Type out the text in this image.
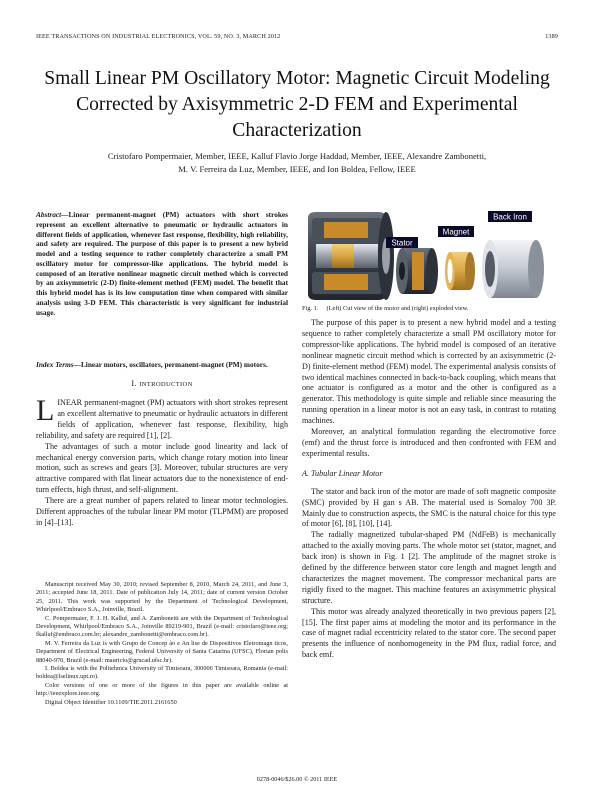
IEEE TRANSACTIONS ON INDUSTRIAL ELECTRONICS, VOL. 59, NO. 3, MARCH 2012	1389
Small Linear PM Oscillatory Motor: Magnetic Circuit Modeling Corrected by Axisymmetric 2-D FEM and Experimental Characterization
Cristofaro Pompermaier, Member, IEEE, Kalluf Flavio Jorge Haddad, Member, IEEE, Alexandre Zambonetti,
M. V. Ferreira da Luz, Member, IEEE, and Ion Boldea, Fellow, IEEE
Abstract—Linear permanent-magnet (PM) actuators with short strokes represent an excellent alternative to pneumatic or hydraulic actuators in different fields of application, whenever fast response, flexibility, high reliability, and safety are required. The purpose of this paper is to present a new hybrid model and a testing sequence to rather completely characterize a small PM oscillatory motor for compressor-like applications. The hybrid model is composed of an iterative nonlinear magnetic circuit method which is corrected by an axisymmetric (2-D) finite-element method (FEM) model. The benefit that this hybrid model has is its low computation time when compared with similar analysis using 3-D FEM. This characteristic is very significant for industrial usage.
Index Terms—Linear motors, oscillators, permanent-magnet (PM) motors.
I. INTRODUCTION

LINEAR permanent-magnet (PM) actuators with short strokes represent an excellent alternative to pneumatic or hydraulic actuators in different fields of application, whenever fast response, flexibility, high reliability, and safety are required [1], [2].

The advantages of such a motor include good linearity and lack of mechanical energy conversion parts, which change rotary motion into linear motion, such as screws and gears [3]. Moreover, tubular structures are very attractive compared with flat linear actuators due to the nonexistence of end-turn effects, high thrust, and self-alignment.

There are a great number of papers related to linear motor technologies. Different approaches of the tubular linear PM motor (TLPMM) are proposed in [4]–[13].

Manuscript received May 30, 2010; revised September 8, 2010, March 24, 2011, and June 3, 2011; accepted June 18, 2011. Date of publication July 14, 2011; date of current version October 25, 2011. This work was supported by the Department of Technological Development, Whirlpool/Embraco S.A., Joinville, Brazil.

C. Pompermaier, F. J. H. Kalluf, and A. Zambonetti are with the Department of Technological Development, Whirlpool/Embraco S.A., Joinville 89219-901, Brazil (e-mail: cristofaro@ieee.org; fkalluf@embraco.com.br; alexandre_zambonetti@embraco.com.br).

M. V. Ferreira da Luz is with Grupo de Concep ão e An lise de Dispositivos Eletromagn ticos, Department of Electrical Engineering, Federal University of Santa Catarina (UFSC), Florian polis 88040-970, Brazil (e-mail: mauricio@grucad.ufsc.br).

I. Boldea is with the Politehnica University of Timisoara, 300006 Timisoara, Romania (e-mail: boldea@lselinux.upt.ro).

Color versions of one or more of the figures in this paper are available online at http://ieeexplore.ieee.org.

Digital Object Identifier 10.1109/TIE.2011.2161650

Back Iron
Magnet
Stator
Fig. 1.     (Left) Cut view of the motor and (right) exploded view.

The purpose of this paper is to present a new hybrid model and a testing sequence to rather completely characterize a small PM oscillatory motor for compressor-like applications. The hybrid model is composed of an iterative nonlinear magnetic circuit method which is corrected by an axisymmetric (2-D) finite-element method (FEM) model. The experimental analysis consists of two identical machines connected in back-to-back coupling, which means that one actuator is configured as a motor and the other is configured as a generator. This methodology is quite simple and reliable since measuring the running operation in a linear motor is not an easy task, in contrast to rotating machines.

Moreover, an analytical formulation regarding the electromotive force (emf) and the thrust force is introduced and then confronted with FEM and experimental results.

A. Tubular Linear Motor

The stator and back iron of the motor are made of soft magnetic composite (SMC) provided by H gan s AB. The material used is Somaloy 700 3P. Mainly due to construction aspects, the SMC is the natural choice for this type of motor [6], [8], [10], [14].

The radially magnetized tubular-shaped PM (NdFeB) is mechanically attached to the axially moving parts. The whole motor set (stator, magnet, and back iron) is shown in Fig. 1 [2]. The amplitude of the magnet stroke is defined by the difference between stator core length and magnet length and characterizes the magnet movement. The compressor mechanical parts are rigidly fixed to the magnet. This machine features an axisymmetric physical structure.

This motor was already analyzed theoretically in two previous papers [2], [15]. The first paper aims at modeling the motor and its performance in the case of magnet radial eccentricity related to the stator core. The second paper presents the influence of nonhomogeneity in the PM flux, radial force, and back emf.

0278-0046/$26.00 © 2011 IEEE
